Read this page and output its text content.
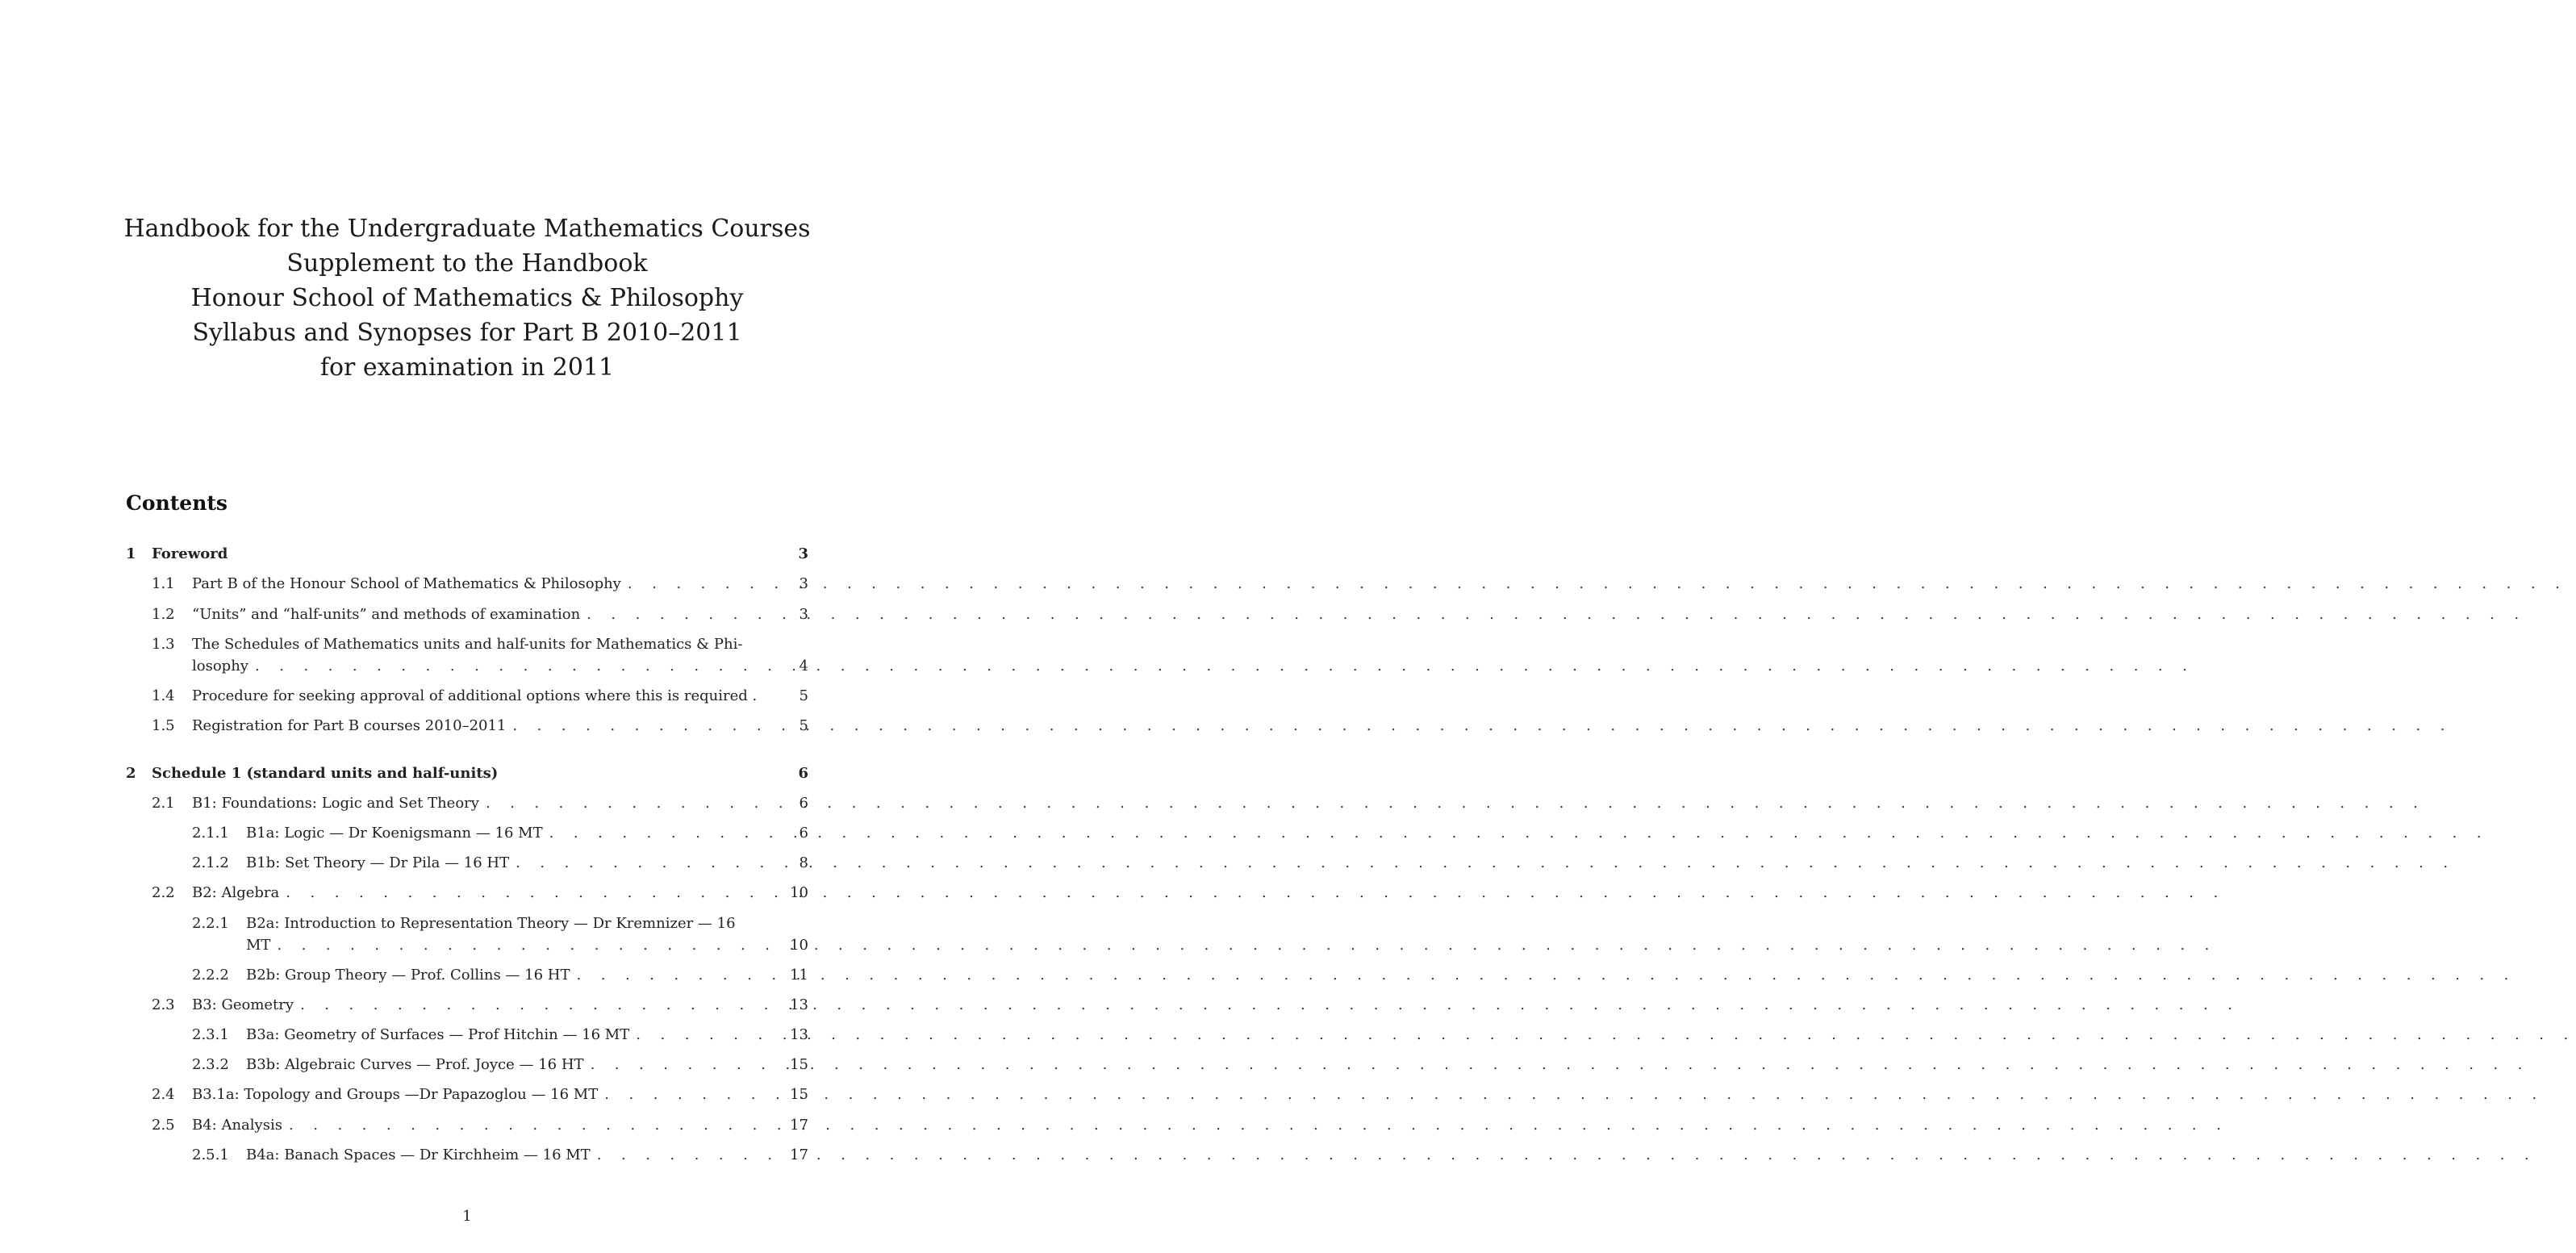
Handbook for the Undergraduate Mathematics Courses
Supplement to the Handbook
Honour School of Mathematics & Philosophy
Syllabus and Synopses for Part B 2010–2011
for examination in 2011
Contents
1	Foreword	3
1.1	Part B of the Honour School of Mathematics & Philosophy . . .	3
1.2	“Units” and “half-units” and methods of examination . . .	3
1.3	The Schedules of Mathematics units and half-units for Mathematics & Phi-
losophy . . .	4
1.4	Procedure for seeking approval of additional options where this is required .	5
1.5	Registration for Part B courses 2010–2011 . . .	5
2	Schedule 1 (standard units and half-units)	6
2.1	B1: Foundations: Logic and Set Theory . . .	6
2.1.1	B1a: Logic — Dr Koenigsmann — 16 MT . . .	6
2.1.2	B1b: Set Theory — Dr Pila — 16 HT . . .	8
2.2	B2: Algebra . . .	10
2.2.1	B2a: Introduction to Representation Theory — Dr Kremnizer — 16
MT . . .	10
2.2.2	B2b: Group Theory — Prof. Collins — 16 HT . . .	11
2.3	B3: Geometry . . .	13
2.3.1	B3a: Geometry of Surfaces — Prof Hitchin — 16 MT . . .	13
2.3.2	B3b: Algebraic Curves — Prof. Joyce — 16 HT . . .	15
2.4	B3.1a: Topology and Groups —Dr Papazoglou — 16 MT . . .	15
2.5	B4: Analysis . . .	17
2.5.1	B4a: Banach Spaces — Dr Kirchheim — 16 MT . . .	17
1
